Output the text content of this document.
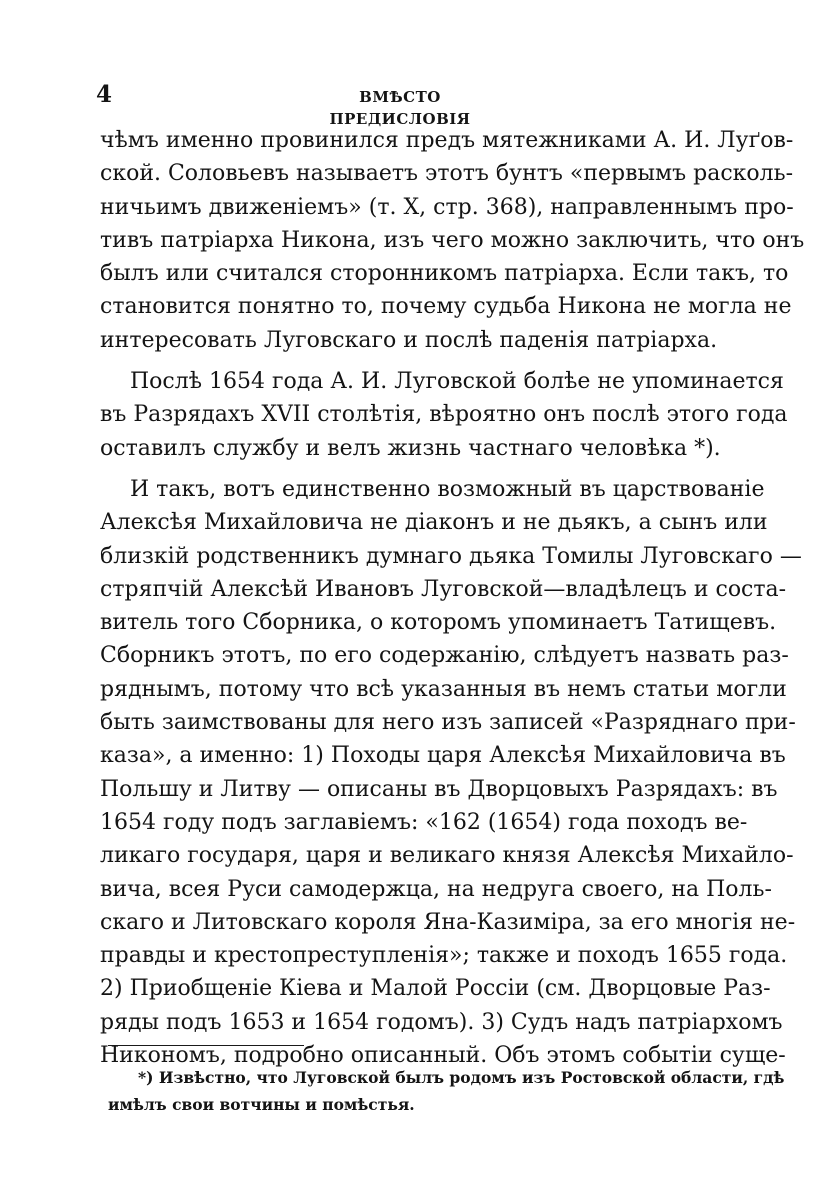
4	ВМѢСТО ПРЕДИСЛОВІЯ
чѣмъ именно провинился предъ мятежниками А. И. Луґов-
ской. Соловьевъ называетъ этотъ бунтъ «первымъ расколь-
ничьимъ движеніемъ» (т. X, стр. 368), направленнымъ про-
тивъ патріарха Никона, изъ чего можно заключить, что онъ
былъ или считался сторонникомъ патріарха. Если такъ, то
становится понятно то, почему судьба Никона не могла не
интересовать Луговскаго и послѣ паденія патріарха.
Послѣ 1654 года А. И. Луговской болѣе не упоминается
въ Разрядахъ XVII столѣтія, вѣроятно онъ послѣ этого года
оставилъ службу и велъ жизнь частнаго человѣка *).
И такъ, вотъ единственно возможный въ царствованіе
Алексѣя Михайловича не діаконъ и не дьякъ, а сынъ или
близкій родственникъ думнаго дьяка Томилы Луговскаго —
стряпчій Алексѣй Ивановъ Луговской—владѣлецъ и соста-
витель того Сборника, о которомъ упоминаетъ Татищевъ.
Сборникъ этотъ, по его содержанію, слѣдуетъ назвать раз-
ряднымъ, потому что всѣ указанныя въ немъ статьи могли
быть заимствованы для него изъ записей «Разряднаго при-
каза», а именно: 1) Походы царя Алексѣя Михайловича въ
Польшу и Литву — описаны въ Дворцовыхъ Разрядахъ: въ
1654 году подъ заглавіемъ: «162 (1654) года походъ ве-
ликаго государя, царя и великаго князя Алексѣя Михайло-
вича, всея Руси самодержца, на недруга своего, на Поль-
скаго и Литовскаго короля Яна-Казиміра, за его многія не-
правды и крестопреступленія»; также и походъ 1655 года.
2) Приобщеніе Кіева и Малой Россіи (см. Дворцовые Раз-
ряды подъ 1653 и 1654 годомъ). 3) Судъ надъ патріархомъ
Никономъ, подробно описанный. Объ этомъ событіи суще-
*) Извѣстно, что Луговской былъ родомъ изъ Ростовской области, гдѣ
имѣлъ свои вотчины и помѣстья.
